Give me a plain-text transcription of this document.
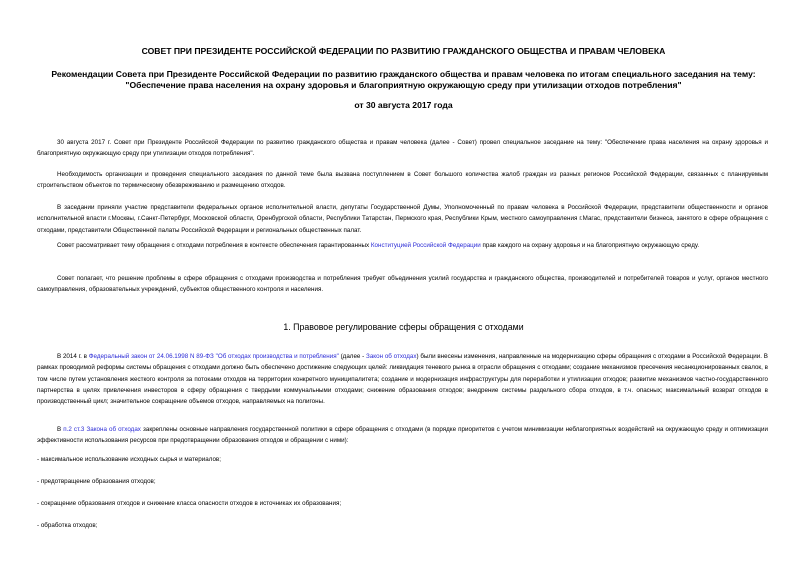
СОВЕТ ПРИ ПРЕЗИДЕНТЕ РОССИЙСКОЙ ФЕДЕРАЦИИ ПО РАЗВИТИЮ ГРАЖДАНСКОГО ОБЩЕСТВА И ПРАВАМ ЧЕЛОВЕКА
Рекомендации Совета при Президенте Российской Федерации по развитию гражданского общества и правам человека по итогам специального заседания на тему:
"Обеспечение права населения на охрану здоровья и благоприятную окружающую среду при утилизации отходов потребления"
от 30 августа 2017 года
30 августа 2017 г. Совет при Президенте Российской Федерации по развитию гражданского общества и правам человека (далее - Совет) провел специальное заседание на тему: "Обеспечение права населения на охрану здоровья и благоприятную окружающую среду при утилизации отходов потребления".
Необходимость организации и проведения специального заседания по данной теме была вызвана поступлением в Совет большого количества жалоб граждан из разных регионов Российской Федерации, связанных с планируемым строительством объектов по термическому обезвреживанию и размещению отходов.
В заседании приняли участие представители федеральных органов исполнительной власти, депутаты Государственной Думы, Уполномоченный по правам человека в Российской Федерации, представители общественности и органов исполнительной власти г.Москвы, г.Санкт-Петербург, Московской области, Оренбургской области, Республики Татарстан, Пермского края, Республики Крым, местного самоуправления г.Магас, представители бизнеса, занятого в сфере обращения с отходами, представители Общественной палаты Российской Федерации и региональных общественных палат.
Совет рассматривает тему обращения с отходами потребления в контексте обеспечения гарантированных Конституцией Российской Федерации прав каждого на охрану здоровья и на благоприятную окружающую среду.
Совет полагает, что решение проблемы в сфере обращения с отходами производства и потребления требует объединения усилий государства и гражданского общества, производителей и потребителей товаров и услуг, органов местного самоуправления, образовательных учреждений, субъектов общественного контроля и населения.
1. Правовое регулирование сферы обращения с отходами
В 2014 г. в Федеральный закон от 24.06.1998 N 89-ФЗ "Об отходах производства и потребления" (далее - Закон об отходах) были внесены изменения, направленные на модернизацию сферы обращения с отходами в Российской Федерации. В рамках проводимой реформы системы обращения с отходами должно быть обеспечено достижение следующих целей: ликвидация теневого рынка в отрасли обращения с отходами; создание механизмов пресечения несанкционированных свалок, в том числе путем установления жесткого контроля за потоками отходов на территории конкретного муниципалитета; создание и модернизация инфраструктуры для переработки и утилизации отходов; развитие механизмов частно-государственного партнерства в целях привлечения инвесторов в сферу обращения с твердыми коммунальными отходами; снижение образования отходов; внедрение системы раздельного сбора отходов, в т.ч. опасных; максимальный возврат отходов в производственный цикл; значительное сокращение объемов отходов, направляемых на полигоны.
В п.2 ст.3 Закона об отходах закреплены основные направления государственной политики в сфере обращения с отходами (в порядке приоритетов с учетом минимизации неблагоприятных воздействий на окружающую среду и оптимизации эффективности использования ресурсов при предотвращении образования отходов и обращении с ними):
- максимальное использование исходных сырья и материалов;
- предотвращение образования отходов;
- сокращение образования отходов и снижение класса опасности отходов в источниках их образования;
- обработка отходов;
